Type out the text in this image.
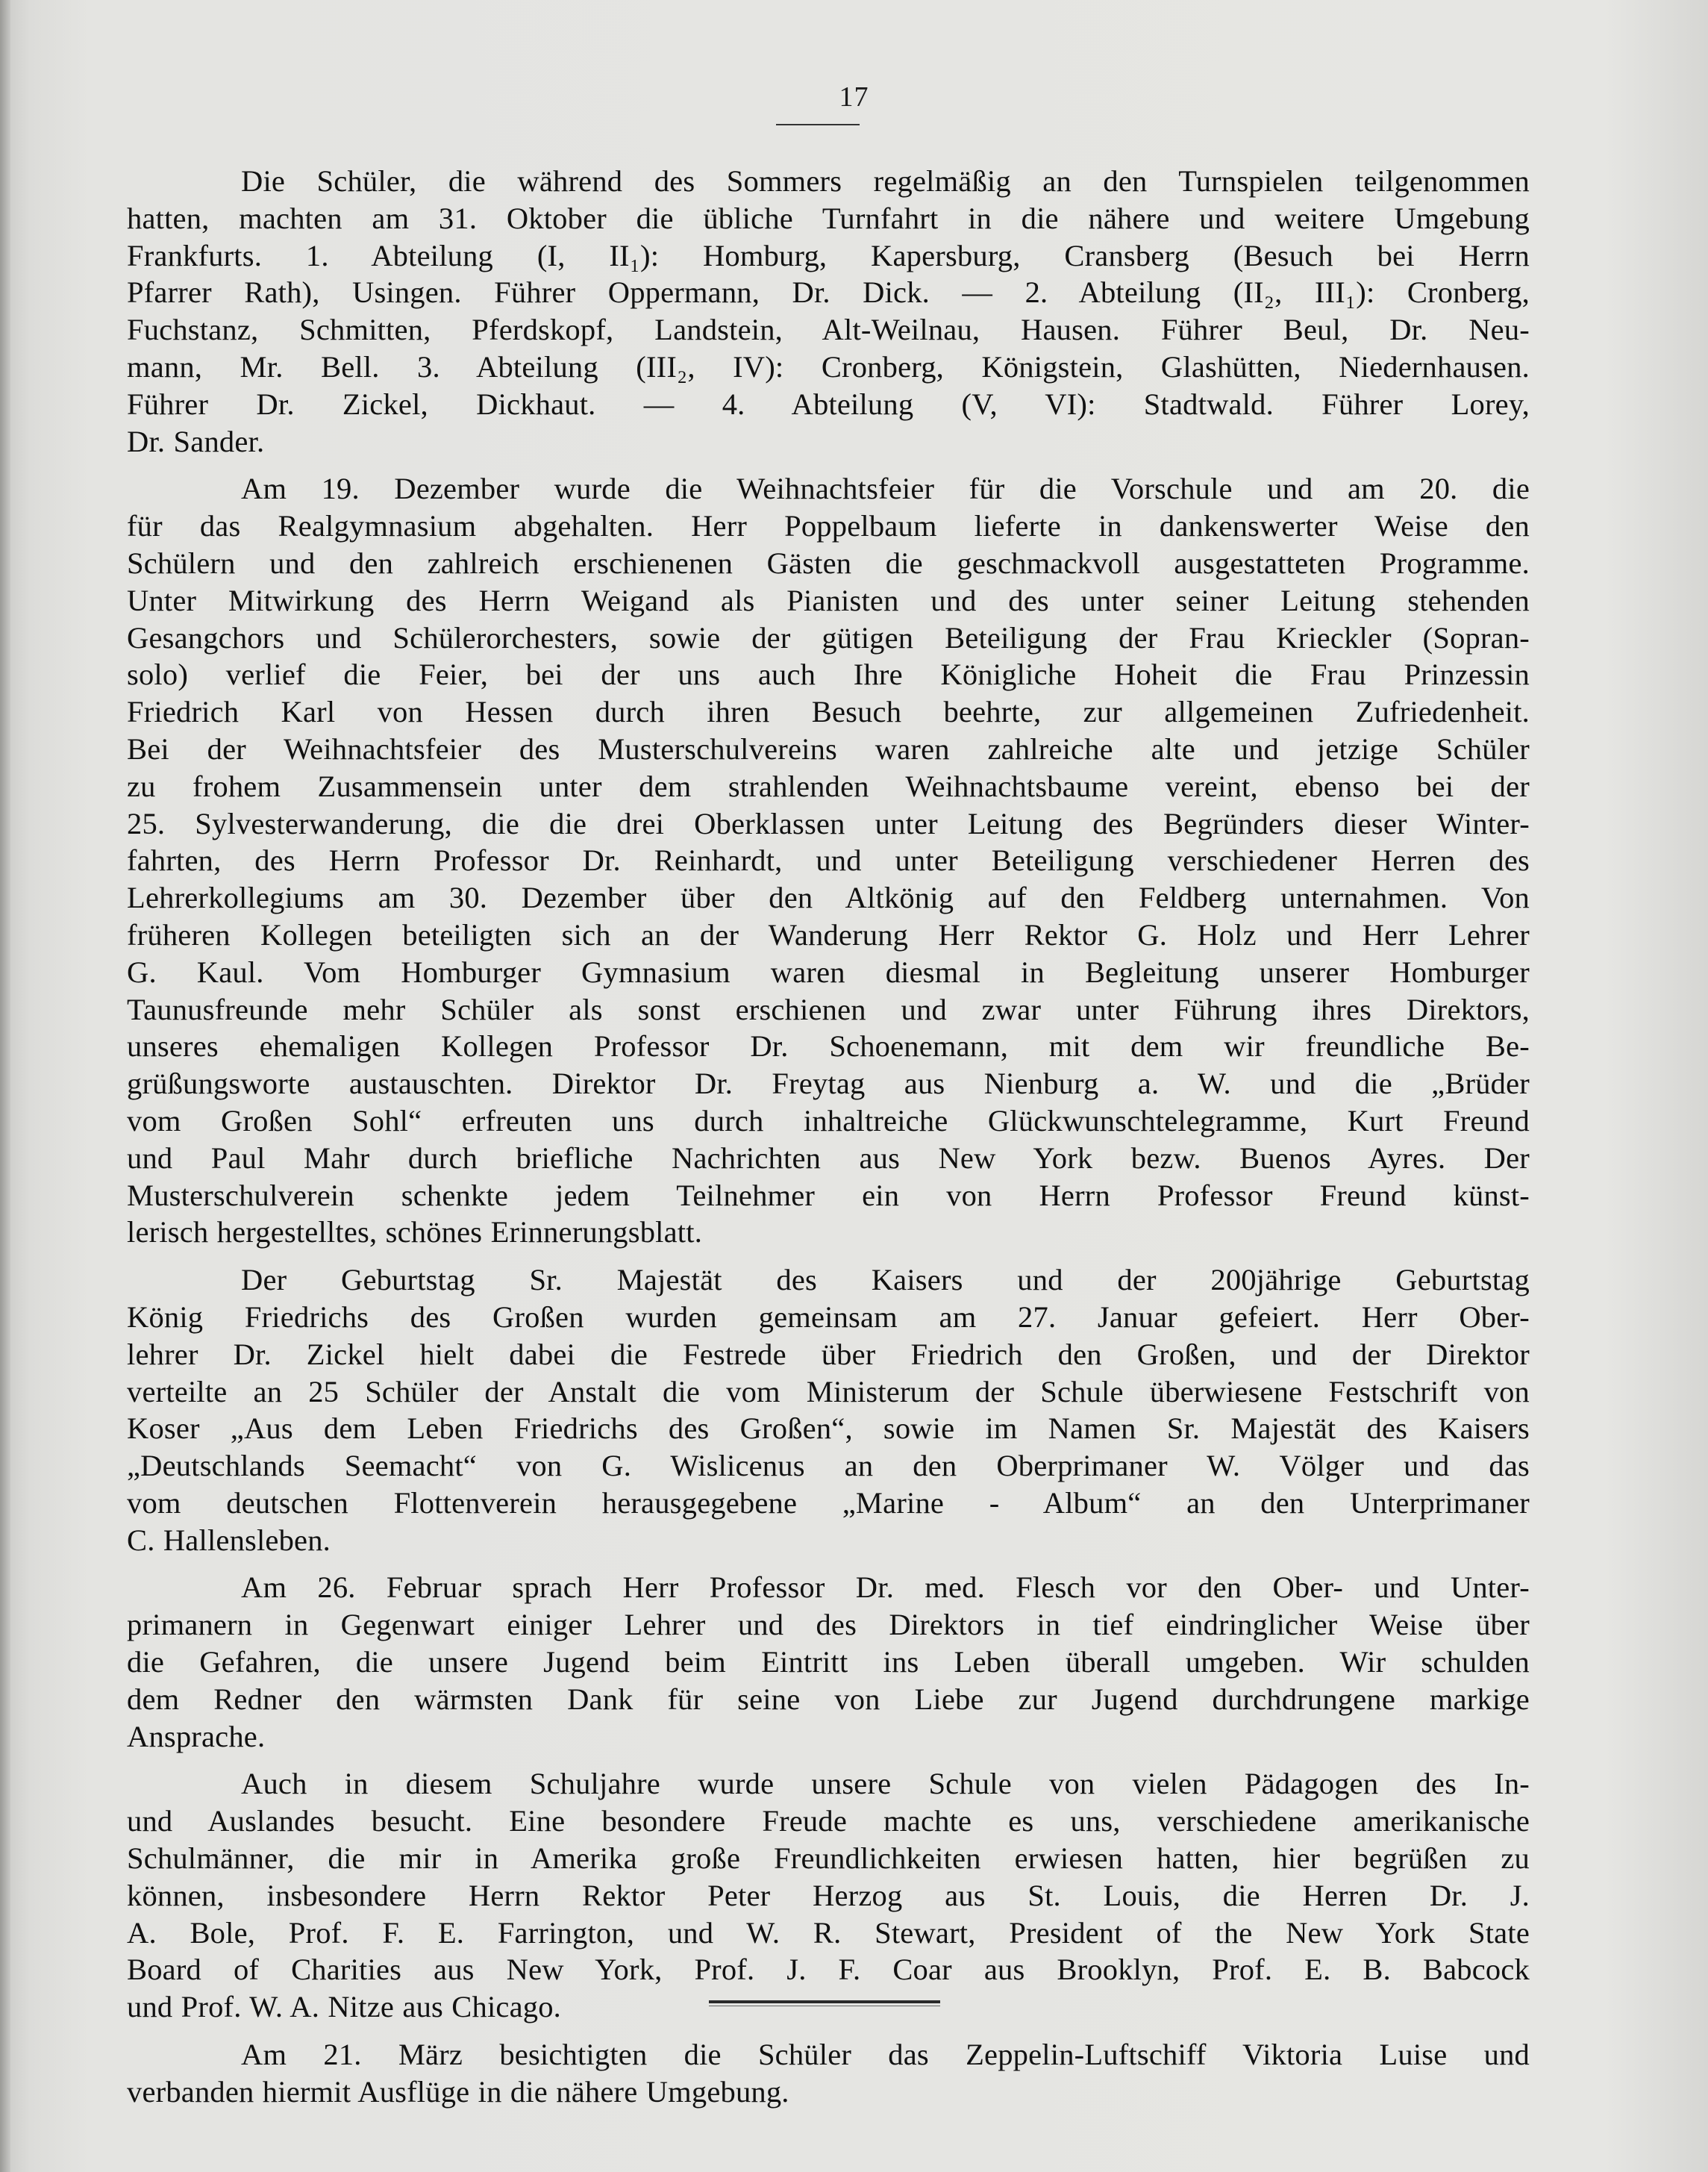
17
Die Schüler, die während des Sommers regelmäßig an den Turnspielen teilgenommen
hatten, machten am 31. Oktober die übliche Turnfahrt in die nähere und weitere Umgebung
Frankfurts. 1. Abteilung (I, II₁): Homburg, Kapersburg, Cransberg (Besuch bei Herrn
Pfarrer Rath), Usingen. Führer Oppermann, Dr. Dick. — 2. Abteilung (II₂, III₁): Cronberg,
Fuchstanz, Schmitten, Pferdskopf, Landstein, Alt-Weilnau, Hausen. Führer Beul, Dr. Neu-
mann, Mr. Bell. 3. Abteilung (III₂, IV): Cronberg, Königstein, Glashütten, Niedernhausen.
Führer Dr. Zickel, Dickhaut. — 4. Abteilung (V, VI): Stadtwald. Führer Lorey,
Dr. Sander.
Am 19. Dezember wurde die Weihnachtsfeier für die Vorschule und am 20. die
für das Realgymnasium abgehalten. Herr Poppelbaum lieferte in dankenswerter Weise den
Schülern und den zahlreich erschienenen Gästen die geschmackvoll ausgestatteten Programme.
Unter Mitwirkung des Herrn Weigand als Pianisten und des unter seiner Leitung stehenden
Gesangchors und Schülerorchesters, sowie der gütigen Beteiligung der Frau Krieckler (Sopran-
solo) verlief die Feier, bei der uns auch Ihre Königliche Hoheit die Frau Prinzessin
Friedrich Karl von Hessen durch ihren Besuch beehrte, zur allgemeinen Zufriedenheit.
Bei der Weihnachtsfeier des Musterschulvereins waren zahlreiche alte und jetzige Schüler
zu frohem Zusammensein unter dem strahlenden Weihnachtsbaume vereint, ebenso bei der
25. Sylvesterwanderung, die die drei Oberklassen unter Leitung des Begründers dieser Winter-
fahrten, des Herrn Professor Dr. Reinhardt, und unter Beteiligung verschiedener Herren des
Lehrerkollegiums am 30. Dezember über den Altkönig auf den Feldberg unternahmen. Von
früheren Kollegen beteiligten sich an der Wanderung Herr Rektor G. Holz und Herr Lehrer
G. Kaul. Vom Homburger Gymnasium waren diesmal in Begleitung unserer Homburger
Taunusfreunde mehr Schüler als sonst erschienen und zwar unter Führung ihres Direktors,
unseres ehemaligen Kollegen Professor Dr. Schoenemann, mit dem wir freundliche Be-
grüßungsworte austauschten. Direktor Dr. Freytag aus Nienburg a. W. und die „Brüder
vom Großen Sohl“ erfreuten uns durch inhaltreiche Glückwunschtelegramme, Kurt Freund
und Paul Mahr durch briefliche Nachrichten aus New York bezw. Buenos Ayres. Der
Musterschulverein schenkte jedem Teilnehmer ein von Herrn Professor Freund künst-
lerisch hergestelltes, schönes Erinnerungsblatt.
Der Geburtstag Sr. Majestät des Kaisers und der 200jährige Geburtstag
König Friedrichs des Großen wurden gemeinsam am 27. Januar gefeiert. Herr Ober-
lehrer Dr. Zickel hielt dabei die Festrede über Friedrich den Großen, und der Direktor
verteilte an 25 Schüler der Anstalt die vom Ministerum der Schule überwiesene Festschrift von
Koser „Aus dem Leben Friedrichs des Großen“, sowie im Namen Sr. Majestät des Kaisers
„Deutschlands Seemacht“ von G. Wislicenus an den Oberprimaner W. Völger und das
vom deutschen Flottenverein herausgegebene „Marine - Album“ an den Unterprimaner
C. Hallensleben.
Am 26. Februar sprach Herr Professor Dr. med. Flesch vor den Ober- und Unter-
primanern in Gegenwart einiger Lehrer und des Direktors in tief eindringlicher Weise über
die Gefahren, die unsere Jugend beim Eintritt ins Leben überall umgeben. Wir schulden
dem Redner den wärmsten Dank für seine von Liebe zur Jugend durchdrungene markige
Ansprache.
Auch in diesem Schuljahre wurde unsere Schule von vielen Pädagogen des In-
und Auslandes besucht. Eine besondere Freude machte es uns, verschiedene amerikanische
Schulmänner, die mir in Amerika große Freundlichkeiten erwiesen hatten, hier begrüßen zu
können, insbesondere Herrn Rektor Peter Herzog aus St. Louis, die Herren Dr. J.
A. Bole, Prof. F. E. Farrington, und W. R. Stewart, President of the New York State
Board of Charities aus New York, Prof. J. F. Coar aus Brooklyn, Prof. E. B. Babcock
und Prof. W. A. Nitze aus Chicago.
Am 21. März besichtigten die Schüler das Zeppelin-Luftschiff Viktoria Luise und
verbanden hiermit Ausflüge in die nähere Umgebung.
